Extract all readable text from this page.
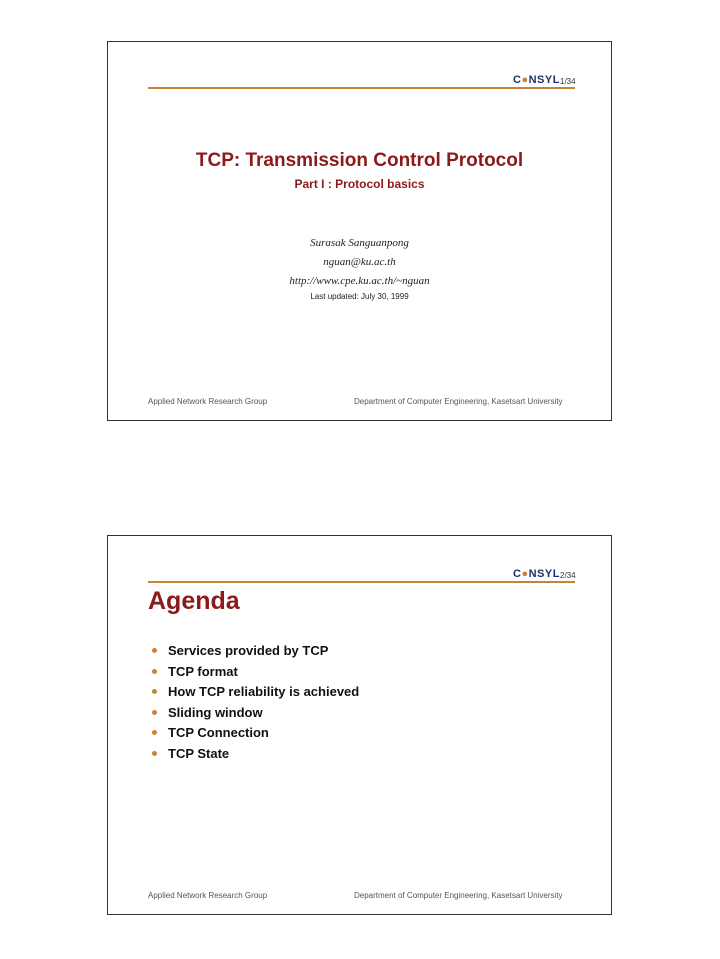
C●NSYL 1/34
TCP: Transmission Control Protocol
Part I : Protocol basics
Surasak Sanguanpong
nguan@ku.ac.th
http://www.cpe.ku.ac.th/~nguan
Last updated: July 30, 1999
Applied Network Research Group	Department of Computer Engineering, Kasetsart University
C●NSYL 2/34
Agenda
Services provided by TCP
TCP format
How TCP reliability is achieved
Sliding window
TCP Connection
TCP State
Applied Network Research Group	Department of Computer Engineering, Kasetsart University
